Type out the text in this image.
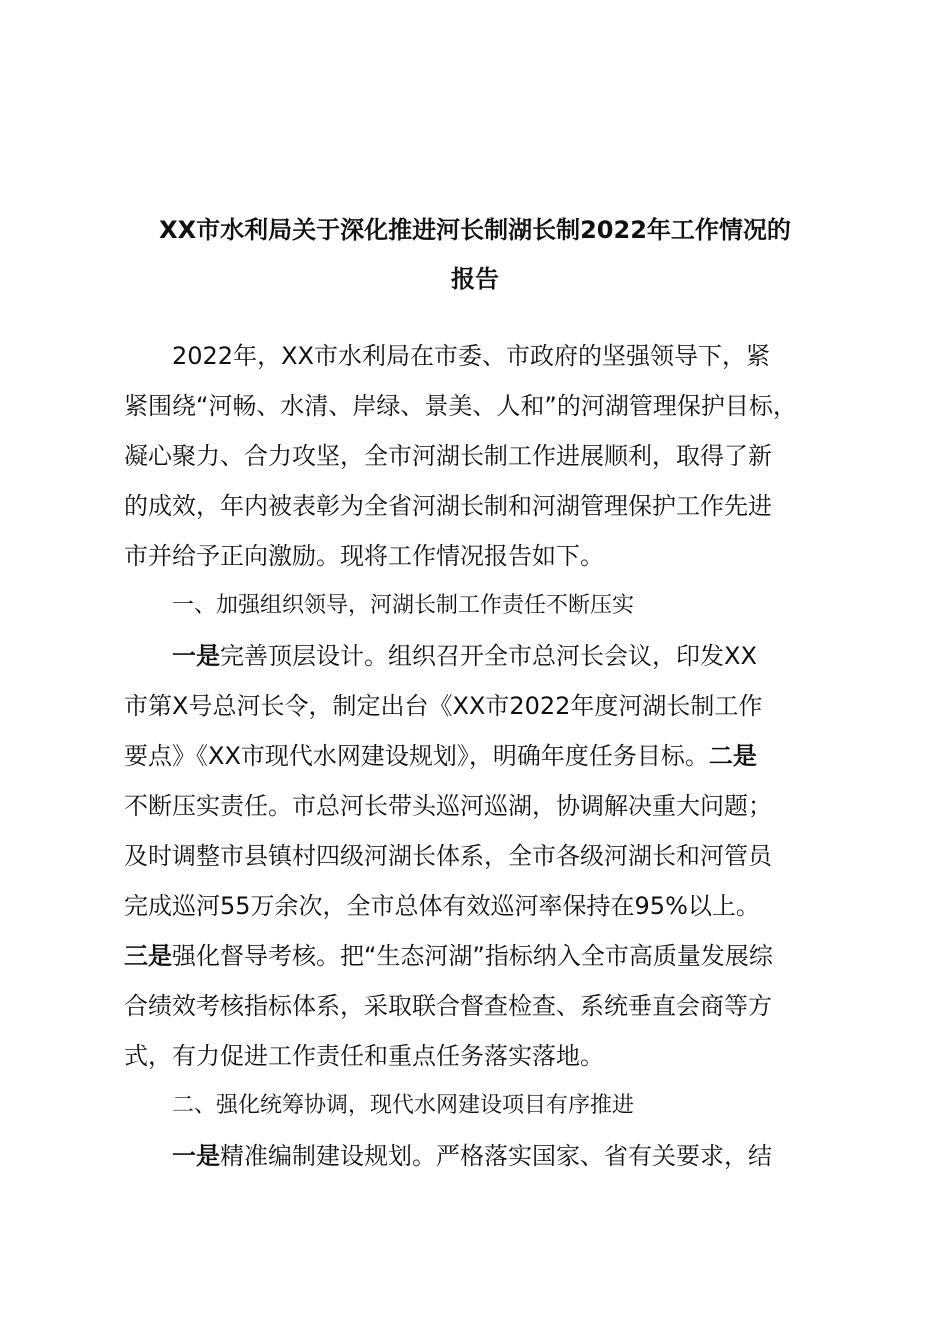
XX市水利局关于深化推进河长制湖长制2022年工作情况的
报告
2022年，XX市水利局在市委、市政府的坚强领导下，紧
紧围绕“河畅、水清、岸绿、景美、人和”的河湖管理保护目标，
凝心聚力、合力攻坚，全市河湖长制工作进展顺利，取得了新
的成效，年内被表彰为全省河湖长制和河湖管理保护工作先进
市并给予正向激励。现将工作情况报告如下。
一、加强组织领导，河湖长制工作责任不断压实
一是完善顶层设计。组织召开全市总河长会议，印发XX
市第X号总河长令，制定出台《XX市2022年度河湖长制工作
要点》《XX市现代水网建设规划》，明确年度任务目标。二是
不断压实责任。市总河长带头巡河巡湖，协调解决重大问题；
及时调整市县镇村四级河湖长体系，全市各级河湖长和河管员
完成巡河55万余次，全市总体有效巡河率保持在95%以上。
三是强化督导考核。把“生态河湖”指标纳入全市高质量发展综
合绩效考核指标体系，采取联合督查检查、系统垂直会商等方
式，有力促进工作责任和重点任务落实落地。
二、强化统筹协调，现代水网建设项目有序推进
一是精准编制建设规划。严格落实国家、省有关要求，结
